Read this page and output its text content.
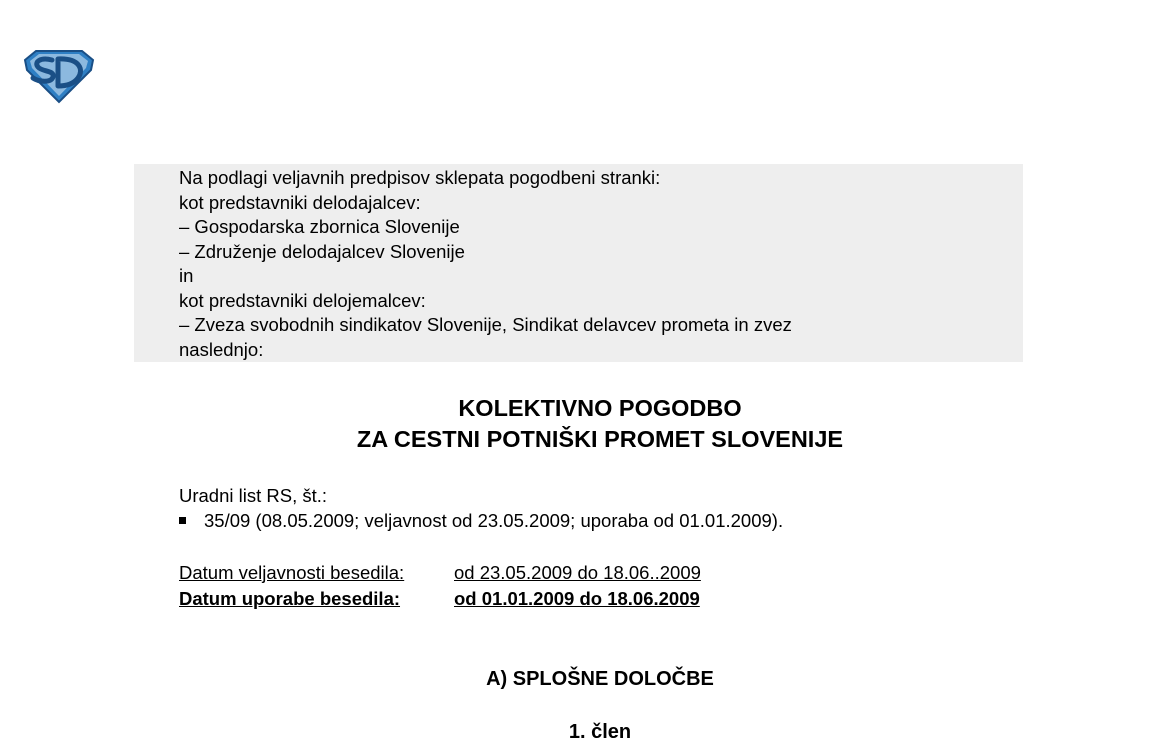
Na podlagi veljavnih predpisov sklepata pogodbeni stranki:
kot predstavniki delodajalcev:
– Gospodarska zbornica Slovenije
– Združenje delodajalcev Slovenije
in
kot predstavniki delojemalcev:
– Zveza svobodnih sindikatov Slovenije, Sindikat delavcev prometa in zvez
naslednjo:
KOLEKTIVNO POGODBO
ZA CESTNI POTNIŠKI PROMET SLOVENIJE
Uradni list RS, št.:
35/09 (08.05.2009; veljavnost od 23.05.2009; uporaba od 01.01.2009).
Datum veljavnosti besedila:	od 23.05.2009 do 18.06..2009
Datum uporabe besedila:	od 01.01.2009 do 18.06.2009
A) SPLOŠNE DOLOČBE
1. člen
